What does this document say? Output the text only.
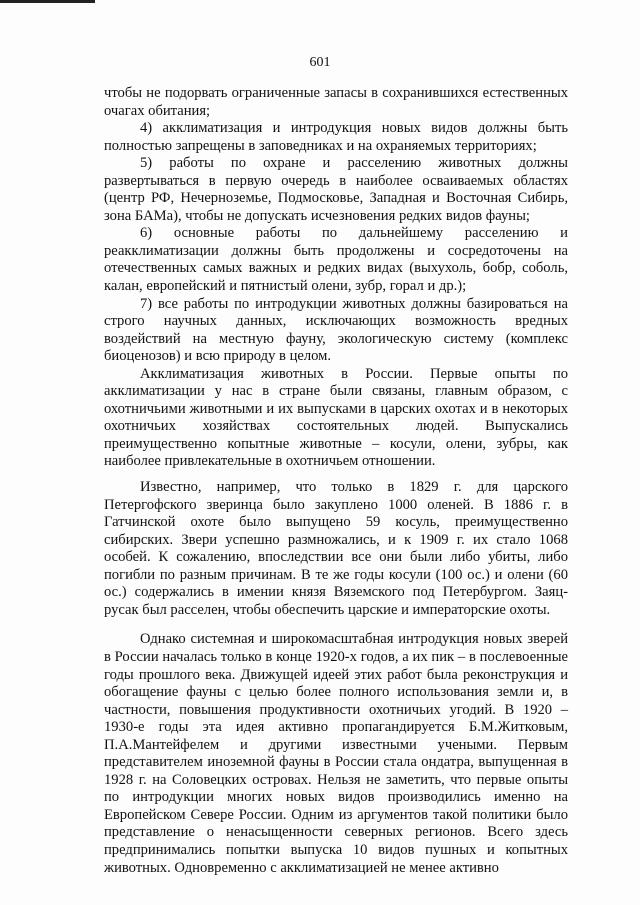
601

чтобы не подорвать ограниченные запасы в сохранившихся естественных очагах обитания;

4) акклиматизация и интродукция новых видов должны быть полностью запрещены в заповедниках и на охраняемых территориях;

5) работы по охране и расселению животных должны развертываться в первую очередь в наиболее осваиваемых областях (центр РФ, Нечерноземье, Подмосковье, Западная и Восточная Сибирь, зона БАМа), чтобы не допускать исчезновения редких видов фауны;

6) основные работы по дальнейшему расселению и реакклиматизации должны быть продолжены и сосредоточены на отечественных самых важных и редких видах (выхухоль, бобр, соболь, калан, европейский и пятнистый олени, зубр, горал и др.);

7) все работы по интродукции животных должны базироваться на строго научных данных, исключающих возможность вредных воздействий на местную фауну, экологическую систему (комплекс биоценозов) и всю природу в целом.

Акклиматизация животных в России. Первые опыты по акклиматизации у нас в стране были связаны, главным образом, с охотничьими животными и их выпусками в царских охотах и в некоторых охотничьих хозяйствах состоятельных людей. Выпускались преимущественно копытные животные – косули, олени, зубры, как наиболее привлекательные в охотничьем отношении.

Известно, например, что только в 1829 г. для царского Петергофского зверинца было закуплено 1000 оленей. В 1886 г. в Гатчинской охоте было выпущено 59 косуль, преимущественно сибирских. Звери успешно размножались, и к 1909 г. их стало 1068 особей. К сожалению, впоследствии все они были либо убиты, либо погибли по разным причинам. В те же годы косули (100 ос.) и олени (60 ос.) содержались в имении князя Вяземского под Петербургом. Заяц-русак был расселен, чтобы обеспечить царские и императорские охоты.

Однако системная и широкомасштабная интродукция новых зверей в России началась только в конце 1920-х годов, а их пик – в послевоенные годы прошлого века. Движущей идеей этих работ была реконструкция и обогащение фауны с целью более полного использования земли и, в частности, повышения продуктивности охотничьих угодий. В 1920 – 1930-е годы эта идея активно пропагандируется Б.М.Житковым, П.А.Мантейфелем и другими известными учеными. Первым представителем иноземной фауны в России стала ондатра, выпущенная в 1928 г. на Соловецких островах. Нельзя не заметить, что первые опыты по интродукции многих новых видов производились именно на Европейском Севере России. Одним из аргументов такой политики было представление о ненасыщенности северных регионов. Всего здесь предпринимались попытки выпуска 10 видов пушных и копытных животных. Одновременно с акклиматизацией не менее активно
